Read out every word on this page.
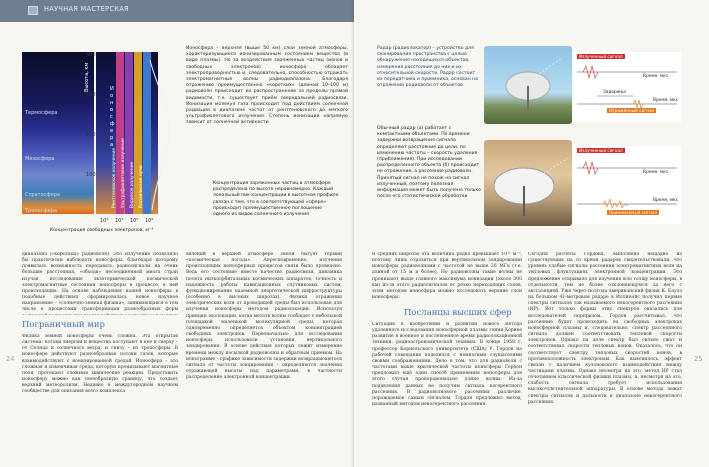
НАУЧНАЯ МАСТЕРСКАЯ
Термосфера
Мезосфера
Стратосфера
Тропосфера
Высота, км
400
300
200
100	Рентгеновское излучение Ультрафиолетовое излучение Видимое излучение Космические лучи
Ионосфера
10³ 10⁴ 10⁵ 10⁶
Концентрация свободных электронов, м⁻³
Ионосфера – верхняя (выше 50 км) слои земной атмосферы, характеризующиеся ионизированным состоянием вещества (в виде плазмы). Но за воздействия заряженных частиц (ионов и свободных электронов) ионосфера обладает электропроводностью и, следовательно, способностью отражать электромагнитные волны радиодиапазона. Благодаря отражению преимущественно «коротких» (длиной 10–100 м) радиоволн происходит их распространение за пределы прямой видимости, т.е. существует приём сверхдальней радиосвязи. Ионизация молекул газа происходит под действием солнечной радиации в диапазоне частот от рентгеновского до мягкого ультрафиолетового излучения. Степень ионизации напрямую зависит от солнечной активности
Концентрация заряженных частиц в атмосфере распределена по высоте неравномерно. Каждый локальный пик концентрации в высотном профиле связан с тем, что в соответствующей «сфере» происходит преимущественное поглощение одного из видов солнечного излучения
диапазона («коротких» радиоволн). Это излучение позволило бы практически наблюдать ионосферы, благодаря которому появилась возможность передавать радиосигналы на очень большие расстояния, «обходя» несоединенной многа стран изучая исследование экзотермической космической электромагнитные состояния ионосферы в процессе, в ней происходящих. На основе наблюдения нашей ионосферы в подобные действиях сформировалась новое научное направление – «солнечно-земная физика», занимающаяся в том числе в процессами трансформации разнообразных форм
Пограничный мир
Физика земной ионосферы очень сложна. Эта открытая система: потоки энергии и вещества поступают в нее и сверху – от Солнца и солнечного ветра, и снизу – из тропосферы. В ионосфере действуют разнообразные потоки газов, которые взаимодействуют с ионизированной средой. Ионосфера – это сложная и изменчивая среда, которую пронизывают магнитные поля, протекают сложные химические реакции. Представить ионосферу можно как своеобразную границу, что создает верхний метеоролизм. Недавно в междугородном научном сообществе для описания всего комплекса
явлений в верхней атмосфере Земли бытует термин «космическая погода». Апресновременно, изучения происходящих ионосферных процессов связи было проведено. Ведь его состояние вместе качество радиосвязи, динамика полета низкоорбитальных космических аппаратов, точность и надежность работы навигационных спутниковых систем, функционирование наземной энергетической инфраструктуры (особенно в высоких широтах). Физики отражения электрических волн от проводящей среды был использован для изучения ионосферы методом радиолокации. Используя принцип эхолокации, когда метатв волны сообщает с небольшой площадкой маленькой молекулярной среды, которая одновременно определяется объектом концентрацией свободных электронов. Первоначально для исследования ионосферы использовали установки вертикального зондирования. В основе действия которых лежит измерение времени между посылкой радиоволны и обратным приемом. На ионограмме – графике зависимости задержки возвращающегося сигнала от частоты зондирования – определяются значения отражающей высоты над параметрами, в частности распределение электронной концентрации.
24
Радар (радиолокатор) – устройство для сканирования пространства с целью обнаружения находящихся объектов, измерения расстояния до них и их относительной скорости. Радар состоит из передатчика и приемника, основан на отражении радиоволн от объектов
Обычный радар (а) работает с компактными объектами. По времени задержки возвращения сигнала определяют расстояние до цели, по изменению частоты – скорость удаления (приближения). При исследовании распределенного объекта (б) происходит не отражение, а рассеяние радиоволн. Принятый сигнал не похож на сигнал излученный, поэтому полезная информация может быть получена только после его статистической обработки
Излученный сигнал
Время, мкс
Задержка
Отражённый сигнал
Время, мкс
Излученный сигнал
Время, мкс
Принимаемый сигнал
Время, мкс
В средних широтах эта величина редко превышает 10¹² м⁻³, поэтому лишь отразиться при вертикальном зондировании ионосферы радиоволнами с частотой не выше 20 МГц (т.е. длиной от 15 м и более). Но радиоволны такие волны не проникают выше главного максимума ионизации (около 300 км) из-за этого радиосигналов от резко переходящих слоев, этим методом ионосфера можно исследовать верхние слои ионосферы.
Посланцы высших сфер
Ситуация в изобретении и развитии нового метода удаленного исследования ионосферной плазмы гении-Хорнее развитие в военное и послевоенное время радиолокационной техники, радиоастрономической техники. В конце 1958 г. профессор Корнельского университета (США) У. Гордон на рабочей совещание поделился с немногими слушателями своими соображениями. Дело в том, что для радиоволн с частотами выше критической частоты ионосферы Гордон предложил ещё один способ применения ионосферы для этого случая пропорционально длине волны. Из-за подавления данных не получим сигнала когерентного рассеяния. В радиоволнового рассеяния различие, порождаемое самым сигналом, Гордон предложил метод, названный методом некогерентного рассеяния.
Сегодня расчеты Гордона, выполнено нещадно из существующих на то время радаров свидетельствовали, что уровень слабые сигналы рассеяния электромагнитных волн на тепловых флуктуациях электронной концентрации. Это предложение открывало для изучения всю толщу ионосферы, в отдельности, тем не более отклоняющуюся за него с эксгаляцией. Уже через полгода американский физик К. Баулз на большом 41-метровом радаре в Иллинойс получил первые спектры сигналов так называемого некогерентного рассеяния (НР). Вот только формы этих спектров оказались для исследователей сюрпризом. Гордон рассчитывал, что рассеяние будет происходить на свободных электронах ионосферной плазмы и, следовательно, спектр рассеянного сигнала должен соответствовать тепловой скорости электронов. Однако на деле спектр был сильно сжат и соответствовал скорости тепловых ионов. Оказалось, что он соответствует спектру тепловых скоростей ионов, в противоположность электронам. Как выяснилось, эффект связан с наличием кулоновского взаимодействия между частицами плазмы. Однако несмотря на это, метод НР стал сочетанием классической физики плазмы, и, несмотря на это, слабость сигнала требует использования высокочувствительной аппаратуры. В основе метода лежат спектры сигналов и дальности в диапазоне некогерентного рассеяния.
25
